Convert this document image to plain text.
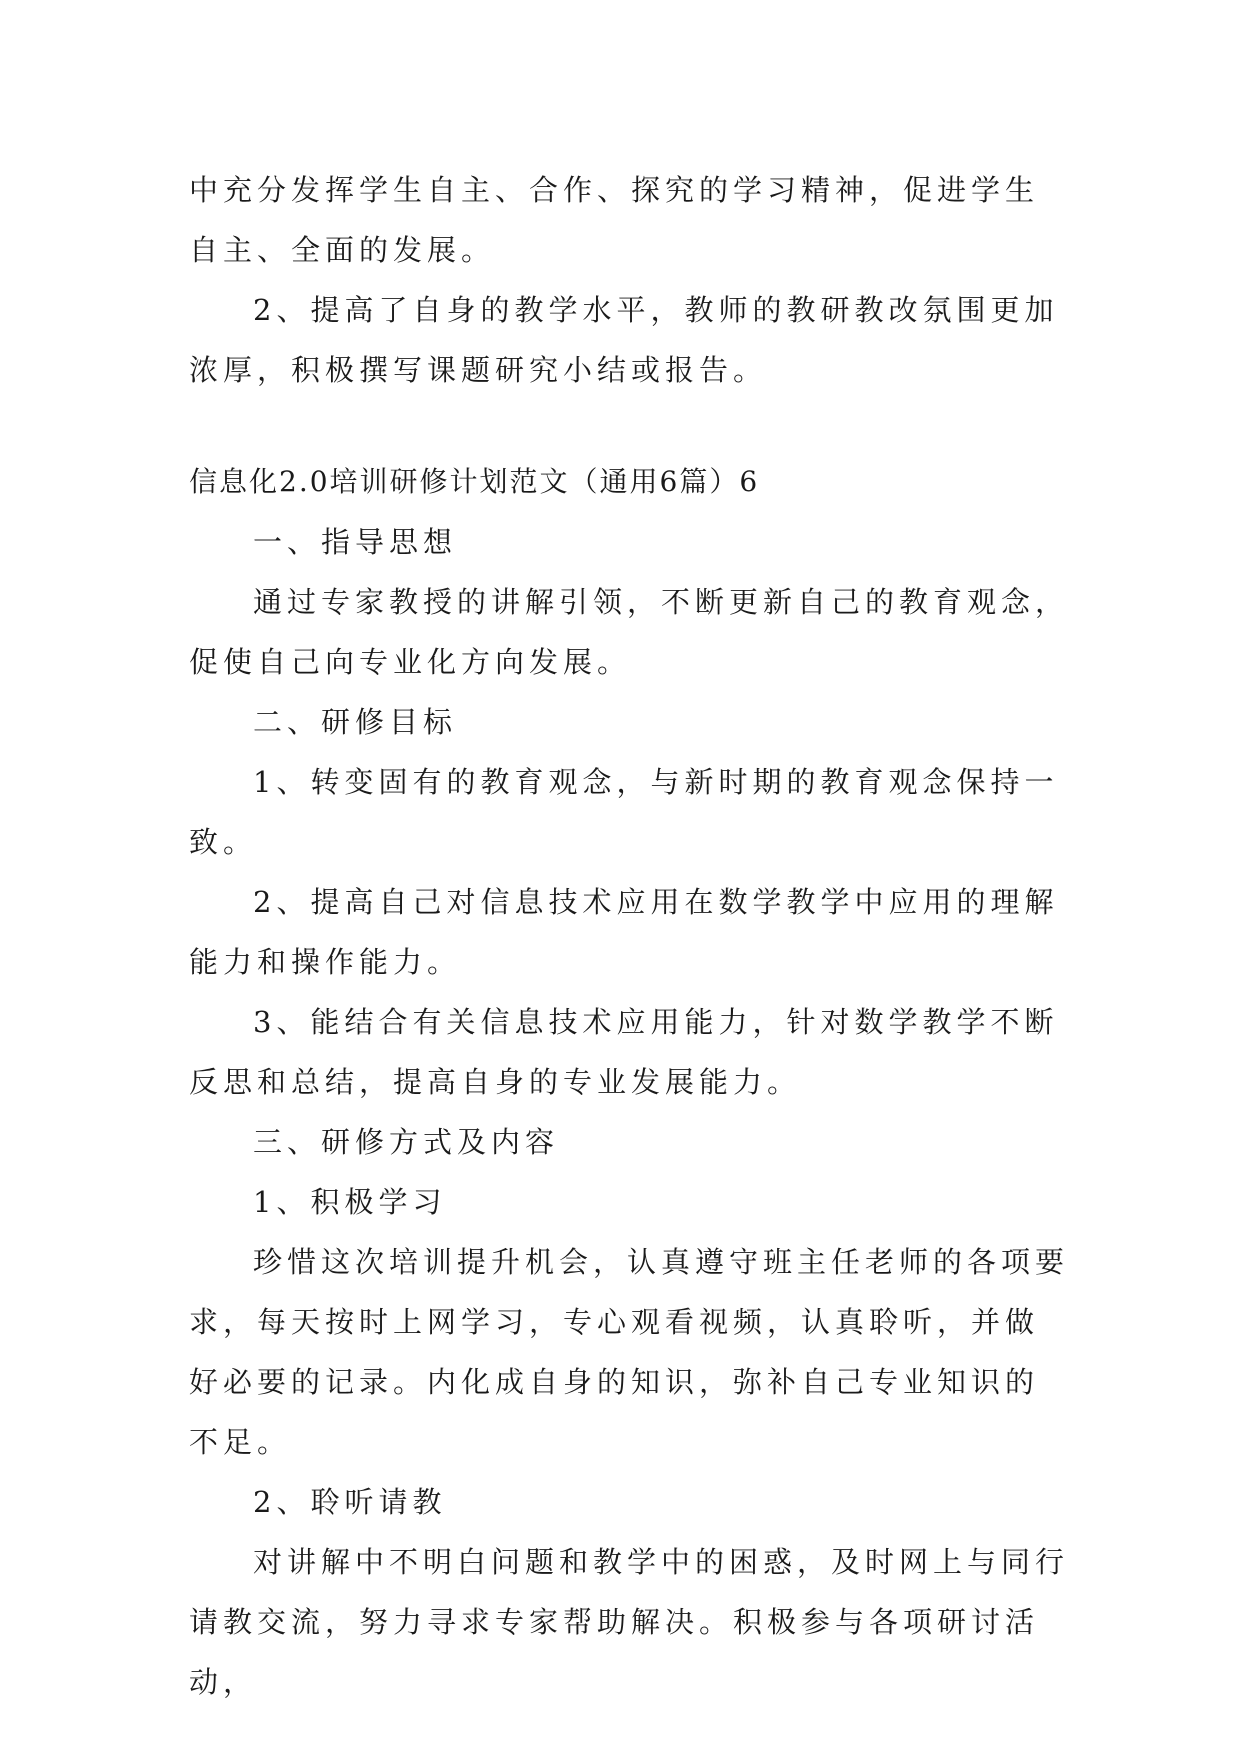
中充分发挥学生自主、合作、探究的学习精神，促进学生自主、全面的发展。

2、提高了自身的教学水平，教师的教研教改氛围更加浓厚，积极撰写课题研究小结或报告。

信息化2.0培训研修计划范文（通用6篇）6

一、指导思想

通过专家教授的讲解引领，不断更新自己的教育观念，促使自己向专业化方向发展。

二、研修目标

1、转变固有的教育观念，与新时期的教育观念保持一致。

2、提高自己对信息技术应用在数学教学中应用的理解能力和操作能力。

3、能结合有关信息技术应用能力，针对数学教学不断反思和总结，提高自身的专业发展能力。

三、研修方式及内容

1、积极学习

珍惜这次培训提升机会，认真遵守班主任老师的各项要求，每天按时上网学习，专心观看视频，认真聆听，并做好必要的记录。内化成自身的知识，弥补自己专业知识的不足。

2、聆听请教

对讲解中不明白问题和教学中的困惑，及时网上与同行请教交流，努力寻求专家帮助解决。积极参与各项研讨活动，
